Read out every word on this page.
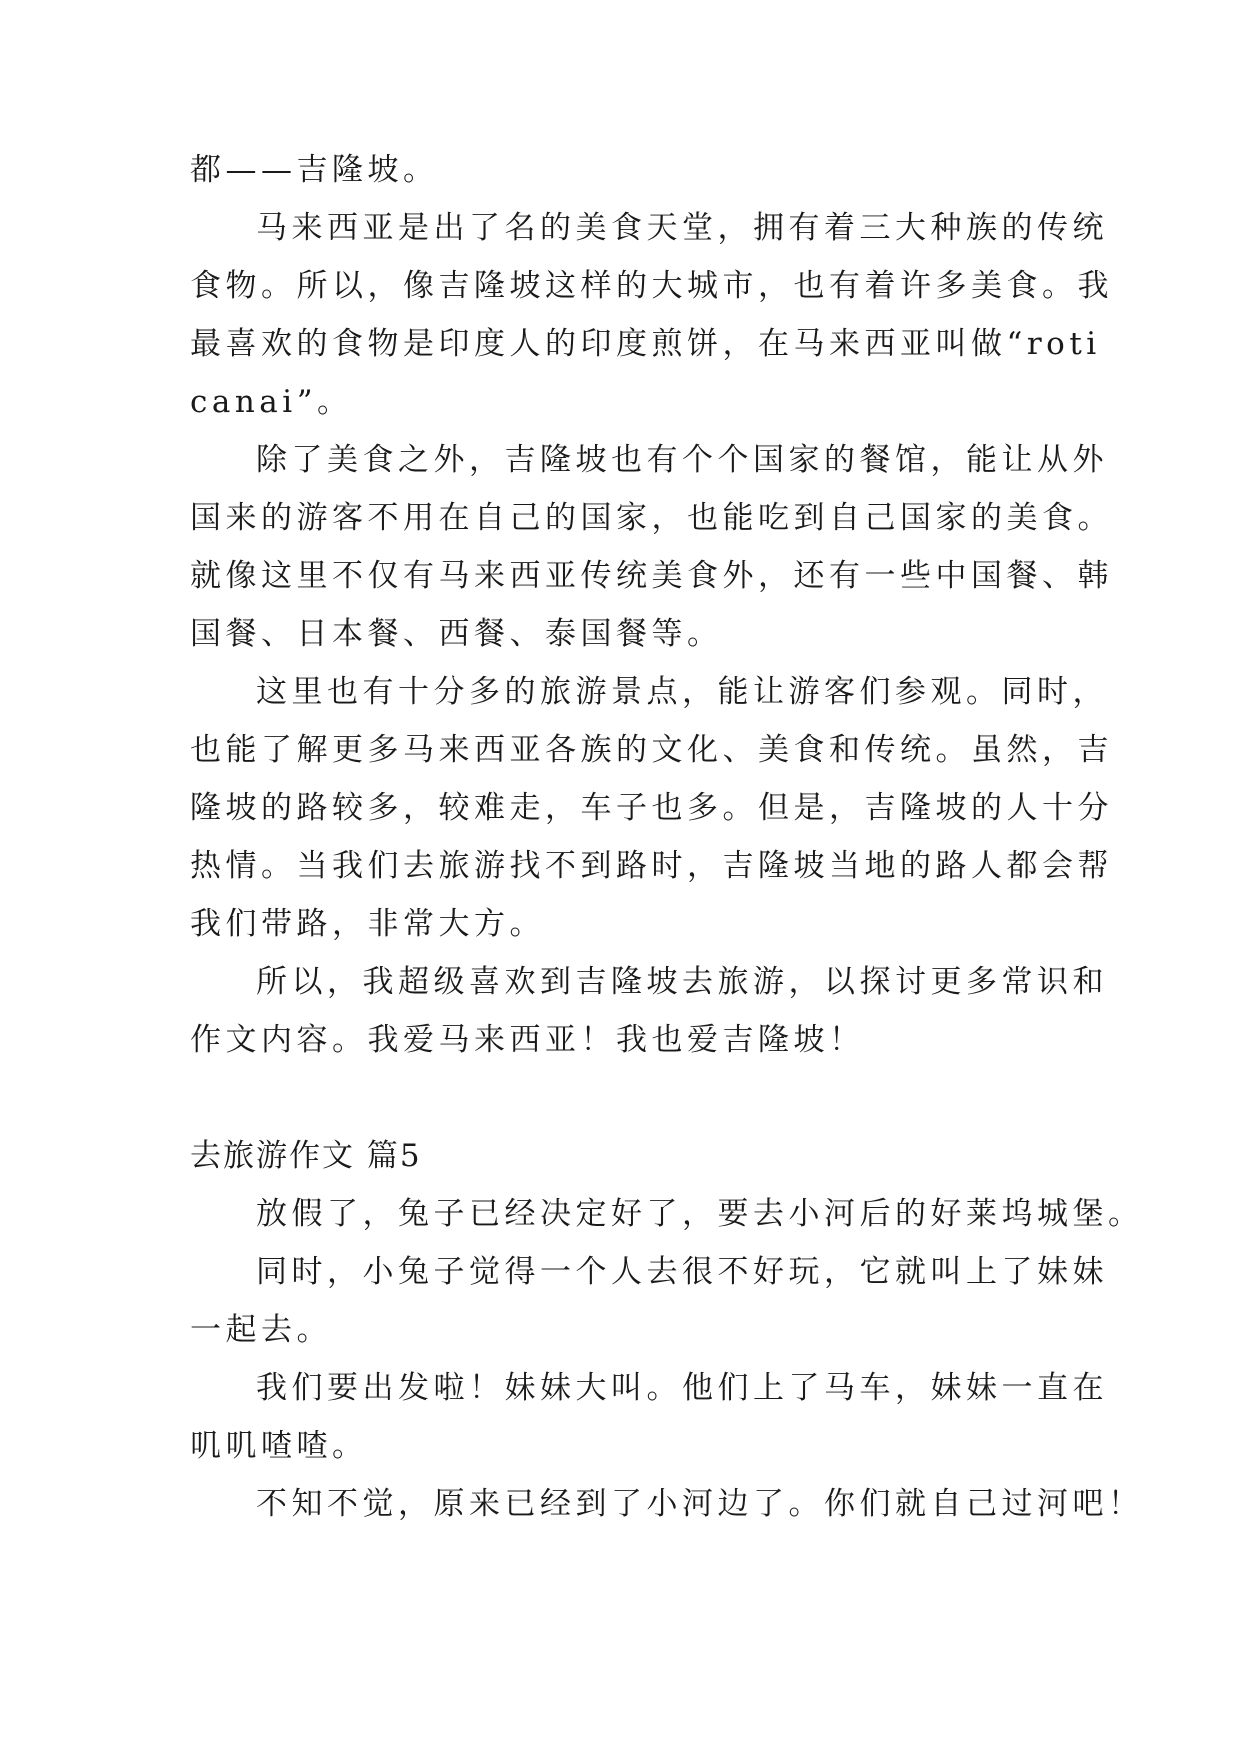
都——吉隆坡。
马来西亚是出了名的美食天堂，拥有着三大种族的传统
食物。所以，像吉隆坡这样的大城市，也有着许多美食。我
最喜欢的食物是印度人的印度煎饼，在马来西亚叫做“roti
canai”。
除了美食之外，吉隆坡也有个个国家的餐馆，能让从外
国来的游客不用在自己的国家，也能吃到自己国家的美食。
就像这里不仅有马来西亚传统美食外，还有一些中国餐、韩
国餐、日本餐、西餐、泰国餐等。
这里也有十分多的旅游景点，能让游客们参观。同时，
也能了解更多马来西亚各族的文化、美食和传统。虽然，吉
隆坡的路较多，较难走，车子也多。但是，吉隆坡的人十分
热情。当我们去旅游找不到路时，吉隆坡当地的路人都会帮
我们带路，非常大方。
所以，我超级喜欢到吉隆坡去旅游，以探讨更多常识和
作文内容。我爱马来西亚！我也爱吉隆坡！
去旅游作文 篇5
放假了，兔子已经决定好了，要去小河后的好莱坞城堡。
同时，小兔子觉得一个人去很不好玩，它就叫上了妹妹
一起去。
我们要出发啦！妹妹大叫。他们上了马车，妹妹一直在
叽叽喳喳。
不知不觉，原来已经到了小河边了。你们就自己过河吧！
